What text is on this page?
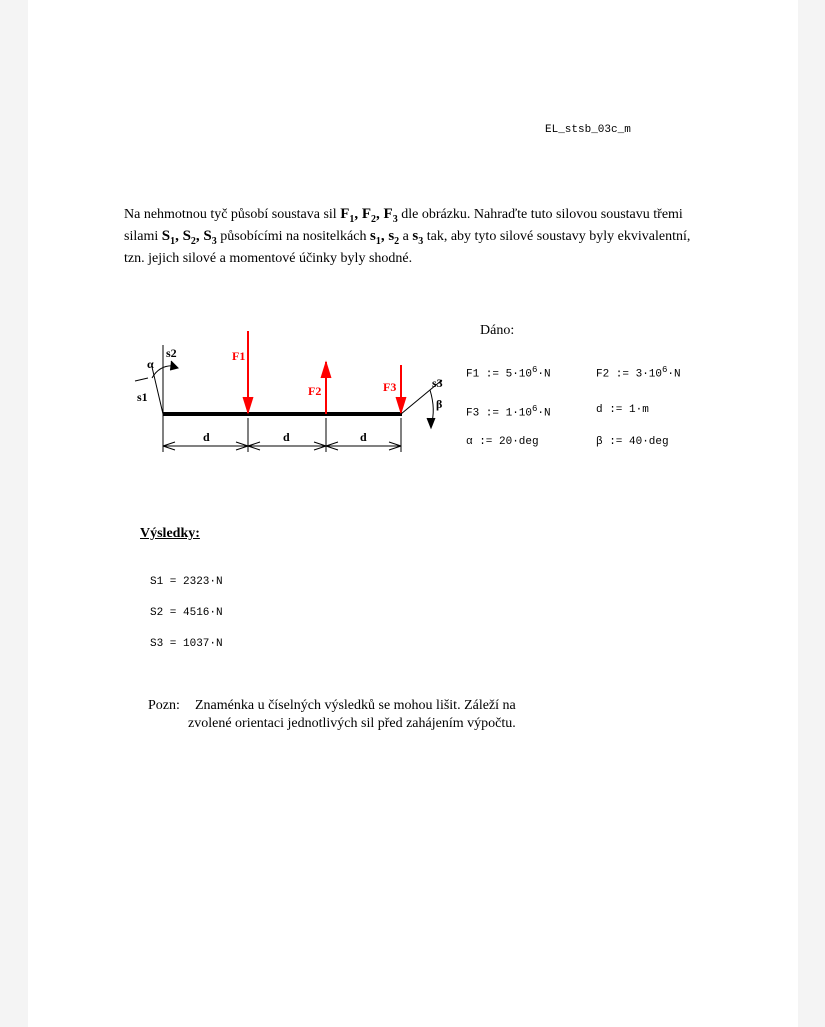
EL_stsb_03c_m
Na nehmotnou tyč působí soustava sil $F_1$, $F_2$, $F_3$ dle obrázku. Nahraďte tuto silovou soustavu třemi silami $S_1$, $S_2$, $S_3$ působícími na nositelkách $s_1$, $s_2$ a $s_3$ tak, aby tyto silové soustavy byly ekvivalentní, tzn. jejich silové a momentové účinky byly shodné.
F1
F2	F3
s1
s2
α
s3
β
d	d	d
Dáno:
F1 := $5\cdot 10^6\cdot N$	F2 := $3\cdot 10^6\cdot N$
F3 := $1\cdot 10^6\cdot N$	d := 1·m
α := 20·deg	β := 40·deg
Výsledky:
S1 = 2323·N
S2 = 4516·N
S3 = 1037·N
Pozn: Znaménka u číselných výsledků se mohou lišit. Záleží na
zvolené orientaci jednotlivých sil před zahájením výpočtu.
